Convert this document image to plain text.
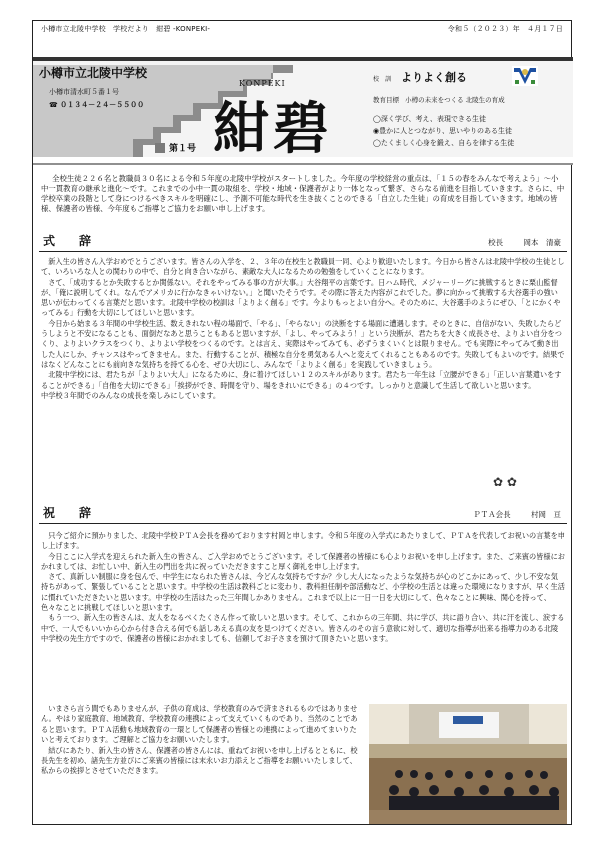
小樽市立北陵中学校　学校だより　紺碧 -KONPEKI-	令和５（２０２３）年　４月１７日
小樽市立北陵中学校
小樽市清水町５番１号
☎ ０１３４－２４－５５００
KONPEKI
紺碧
第１号
校　訓 よりよく創る
教育目標 小樽の未来をつくる 北陵生の育成
◯深く学び、考え、表現できる生徒
◉豊かに人とつながり、思いやりのある生徒
◯たくましく心身を鍛え、自らを律する生徒

全校生徒２２６名と教職員３０名による令和５年度の北陵中学校がスタートしました。今年度の学校経営の重点は、「１５の春をみんなで考えよう」～小中一貫教育の継承と進化～です。これまでの小中一貫の取組を、学校・地域・保護者がより一体となって繋ぎ、さらなる前進を目指していきます。さらに、中学校卒業の段階として身につけるべきスキルを明確にし、予測不可能な時代を生き抜くことのできる「自立した生徒」の育成を目指していきます。地域の皆様、保護者の皆様、今年度もご指導とご協力をお願い申し上げます。

式　辞	校長	岡本　清豪

新入生の皆さん入学おめでとうございます。皆さんの入学を、２、３年の在校生と教職員一同、心より歓迎いたします。今日から皆さんは北陵中学校の生徒として、いろいろな人との関わりの中で、自分と向き合いながら、素敵な大人になるための勉強をしていくことになります。

さて、「成功するとか失敗するとか関係ない。それをやってみる事の方が大事。」大谷翔平の言葉です。日ハム時代、メジャーリーグに挑戦するときに栗山監督が、「俺に説明してくれ。なんでアメリカに行かなきゃいけない。」と聞いたそうです。その際に答えた内容がこれでした。夢に向かって挑戦する大谷選手の強い思いが伝わってくる言葉だと思います。北陵中学校の校訓は「よりよく創る」です。今よりもっとよい自分へ。そのために、大谷選手のようにぜひ、「とにかくやってみる」行動を大切にしてほしいと思います。

今日から始まる３年間の中学校生活、数えきれない程の場面で、「やる」、「やらない」の決断をする場面に遭遇します。そのときに、自信がない、失敗したらどうしようと不安になることも、面倒だなあと思うこともあると思いますが、「よし、やってみよう！」という決断が、君たちを大きく成長させ、よりよい自分をつくり、よりよいクラスをつくり、よりよい学校をつくるのです。とは言え、実際はやってみても、必ずうまくいくとは限りません。でも実際にやってみて動き出した人にしか、チャンスはやってきません。また、行動することが、積極な自分を勇気ある人へと変えてくれることもあるのです。失敗してもよいのです。結果ではなくどんなことにも前向きな気持ちを持てる心を、ぜひ大切にし、みんなで「よりよく創る」を実践していきましょう。

北陵中学校には、君たちが「よりよい大人」になるために、身に着けてほしい１２のスキルがあります。君たち一年生は「立腰ができる」「正しい言葉遣いをすることができる」「自他を大切にできる」「挨拶ができ、時間を守り、場をきれいにできる」の４つです。しっかりと意識して生活して欲しいと思います。

中学校３年間でのみんなの成長を楽しみにしています。

✿ ✿
祝　辞	ＰＴＡ会長	村岡　亘

只今ご紹介に預かりました、北陵中学校ＰＴＡ会長を務めております村岡と申します。令和５年度の入学式にあたりまして、ＰＴＡを代表してお祝いの言葉を申し上げます。

今日ここに入学式を迎えられた新入生の皆さん、ご入学おめでとうございます。そして保護者の皆様にも心よりお祝いを申し上げます。また、ご来賓の皆様におかれましては、お忙しい中、新入生の門出を共に祝っていただきますこと厚く御礼を申し上げます。

さて、真新しい制服に身を包んで、中学生になられた皆さんは、今どんな気持ちですか？少し大人になったような気持ちが心のどこかにあって、少し不安な気持ちがあって、緊張していることと思います。中学校の生活は教科ごとに変わり、教科担任制や部活動など、小学校の生活とは違った環境になりますが、早く生活に慣れていただきたいと思います。中学校の生活はたった三年間しかありません。これまで以上に一日一日を大切にして、色々なことに興味、関心を持って、色々なことに挑戦してほしいと思います。

もう一つ、新入生の皆さんは、友人をなるべくたくさん作って欲しいと思います。そして、これからの三年間、共に学び、共に語り合い、共に汗を流し、涙する中で、一人でもいいから心から付き合える何でも話しあえる真の友を見つけてください。皆さんのその言う意欲に対して、適切な指導が出来る指導力のある北陵中学校の先生方ですので、保護者の皆様におかれましても、信頼してお子さまを預けて頂きたいと思います。

いまさら言う間でもありませんが、子供の育成は、学校教育のみで済まされるものではありません。やはり家庭教育、地域教育、学校教育の連携によって支えていくものであり、当然のことであると思います。ＰＴＡ活動も地域教育の一環として保護者の皆様との連携によって進めてまいりたいと考えております。ご理解とご協力をお願いいたします。

結びにあたり、新入生の皆さん、保護者の皆さんには、重ねてお祝いを申し上げるとともに、校長先生を初め、諸先生方並びにご来賓の皆様には末永いお力添えとご指導をお願いいたしまして、私からの挨拶とさせていただきます。
